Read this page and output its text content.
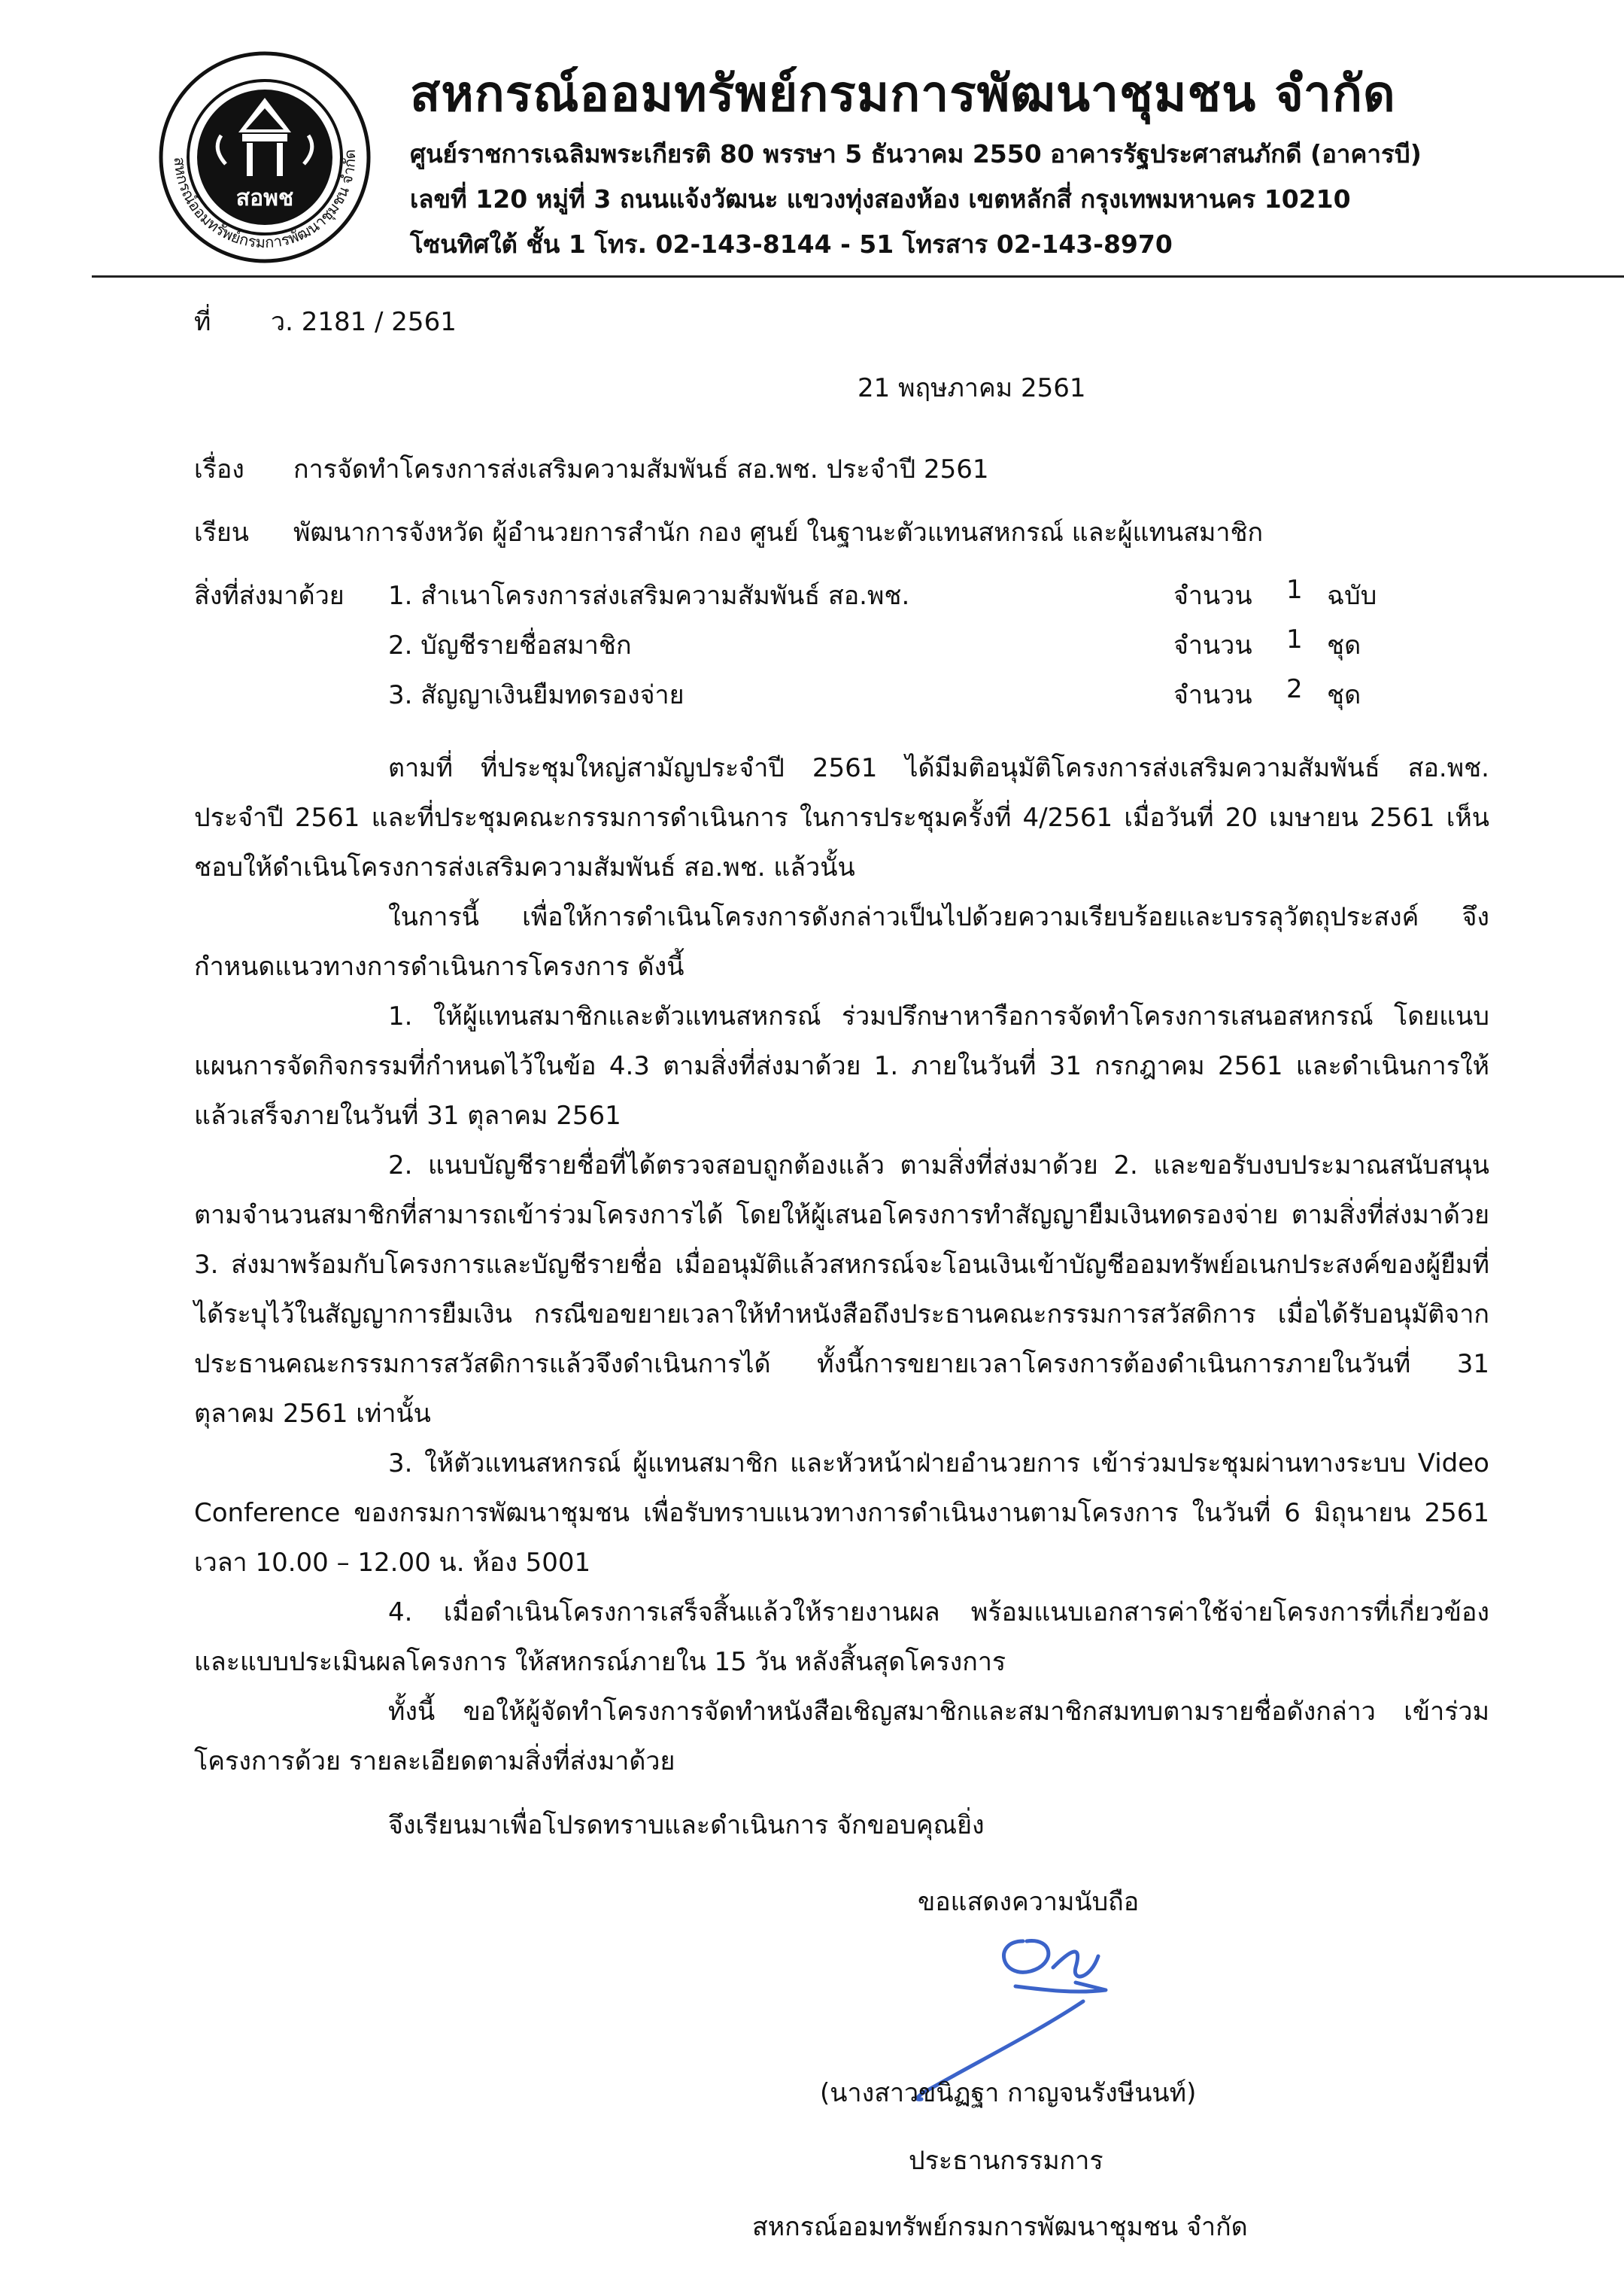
สหกรณ์ออมทรัพย์กรมการพัฒนาชุมชน จำกัด
สอพช
สหกรณ์ออมทรัพย์กรมการพัฒนาชุมชน จำกัด
ศูนย์ราชการเฉลิมพระเกียรติ 80 พรรษา 5 ธันวาคม 2550 อาคารรัฐประศาสนภักดี (อาคารบี)
เลขที่ 120 หมู่ที่ 3 ถนนแจ้งวัฒนะ แขวงทุ่งสองห้อง เขตหลักสี่ กรุงเทพมหานคร 10210
โซนทิศใต้ ชั้น 1 โทร. 02-143-8144 - 51 โทรสาร 02-143-8970
ที่ ว. 2181 / 2561
21 พฤษภาคม 2561
เรื่อง การจัดทำโครงการส่งเสริมความสัมพันธ์ สอ.พช. ประจำปี 2561
เรียน พัฒนาการจังหวัด ผู้อำนวยการสำนัก กอง ศูนย์ ในฐานะตัวแทนสหกรณ์ และผู้แทนสมาชิก
สิ่งที่ส่งมาด้วย 1. สำเนาโครงการส่งเสริมความสัมพันธ์ สอ.พช.	จำนวน 1 ฉบับ
2. บัญชีรายชื่อสมาชิก	จำนวน 1 ชุด
3. สัญญาเงินยืมทดรองจ่าย	จำนวน 2 ชุด

ตามที่ ที่ประชุมใหญ่สามัญประจำปี 2561 ได้มีมติอนุมัติโครงการส่งเสริมความสัมพันธ์ สอ.พช. ประจำปี 2561 และที่ประชุมคณะกรรมการดำเนินการ ในการประชุมครั้งที่ 4/2561 เมื่อวันที่ 20 เมษายน 2561 เห็นชอบให้ดำเนินโครงการส่งเสริมความสัมพันธ์ สอ.พช. แล้วนั้น

ในการนี้ เพื่อให้การดำเนินโครงการดังกล่าวเป็นไปด้วยความเรียบร้อยและบรรลุวัตถุประสงค์ จึงกำหนดแนวทางการดำเนินการโครงการ ดังนี้

1. ให้ผู้แทนสมาชิกและตัวแทนสหกรณ์ ร่วมปรึกษาหารือการจัดทำโครงการเสนอสหกรณ์ โดยแนบแผนการจัดกิจกรรมที่กำหนดไว้ในข้อ 4.3 ตามสิ่งที่ส่งมาด้วย 1. ภายในวันที่ 31 กรกฎาคม 2561 และดำเนินการให้แล้วเสร็จภายในวันที่ 31 ตุลาคม 2561

2. แนบบัญชีรายชื่อที่ได้ตรวจสอบถูกต้องแล้ว ตามสิ่งที่ส่งมาด้วย 2. และขอรับงบประมาณสนับสนุนตามจำนวนสมาชิกที่สามารถเข้าร่วมโครงการได้ โดยให้ผู้เสนอโครงการทำสัญญายืมเงินทดรองจ่าย ตามสิ่งที่ส่งมาด้วย 3. ส่งมาพร้อมกับโครงการและบัญชีรายชื่อ เมื่ออนุมัติแล้วสหกรณ์จะโอนเงินเข้าบัญชีออมทรัพย์อเนกประสงค์ของผู้ยืมที่ได้ระบุไว้ในสัญญาการยืมเงิน กรณีขอขยายเวลาให้ทำหนังสือถึงประธานคณะกรรมการสวัสดิการ เมื่อได้รับอนุมัติจากประธานคณะกรรมการสวัสดิการแล้วจึงดำเนินการได้ ทั้งนี้การขยายเวลาโครงการต้องดำเนินการภายในวันที่ 31 ตุลาคม 2561 เท่านั้น

3. ให้ตัวแทนสหกรณ์ ผู้แทนสมาชิก และหัวหน้าฝ่ายอำนวยการ เข้าร่วมประชุมผ่านทางระบบ Video Conference ของกรมการพัฒนาชุมชน เพื่อรับทราบแนวทางการดำเนินงานตามโครงการ ในวันที่ 6 มิถุนายน 2561 เวลา 10.00 – 12.00 น. ห้อง 5001

4. เมื่อดำเนินโครงการเสร็จสิ้นแล้วให้รายงานผล พร้อมแนบเอกสารค่าใช้จ่ายโครงการที่เกี่ยวข้อง และแบบประเมินผลโครงการ ให้สหกรณ์ภายใน 15 วัน หลังสิ้นสุดโครงการ

ทั้งนี้ ขอให้ผู้จัดทำโครงการจัดทำหนังสือเชิญสมาชิกและสมาชิกสมทบตามรายชื่อดังกล่าว เข้าร่วมโครงการด้วย รายละเอียดตามสิ่งที่ส่งมาด้วย

จึงเรียนมาเพื่อโปรดทราบและดำเนินการ จักขอบคุณยิ่ง
ขอแสดงความนับถือ
(นางสาวขนิฏฐา กาญจนรังษีนนท์)
ประธานกรรมการ
สหกรณ์ออมทรัพย์กรมการพัฒนาชุมชน จำกัด
